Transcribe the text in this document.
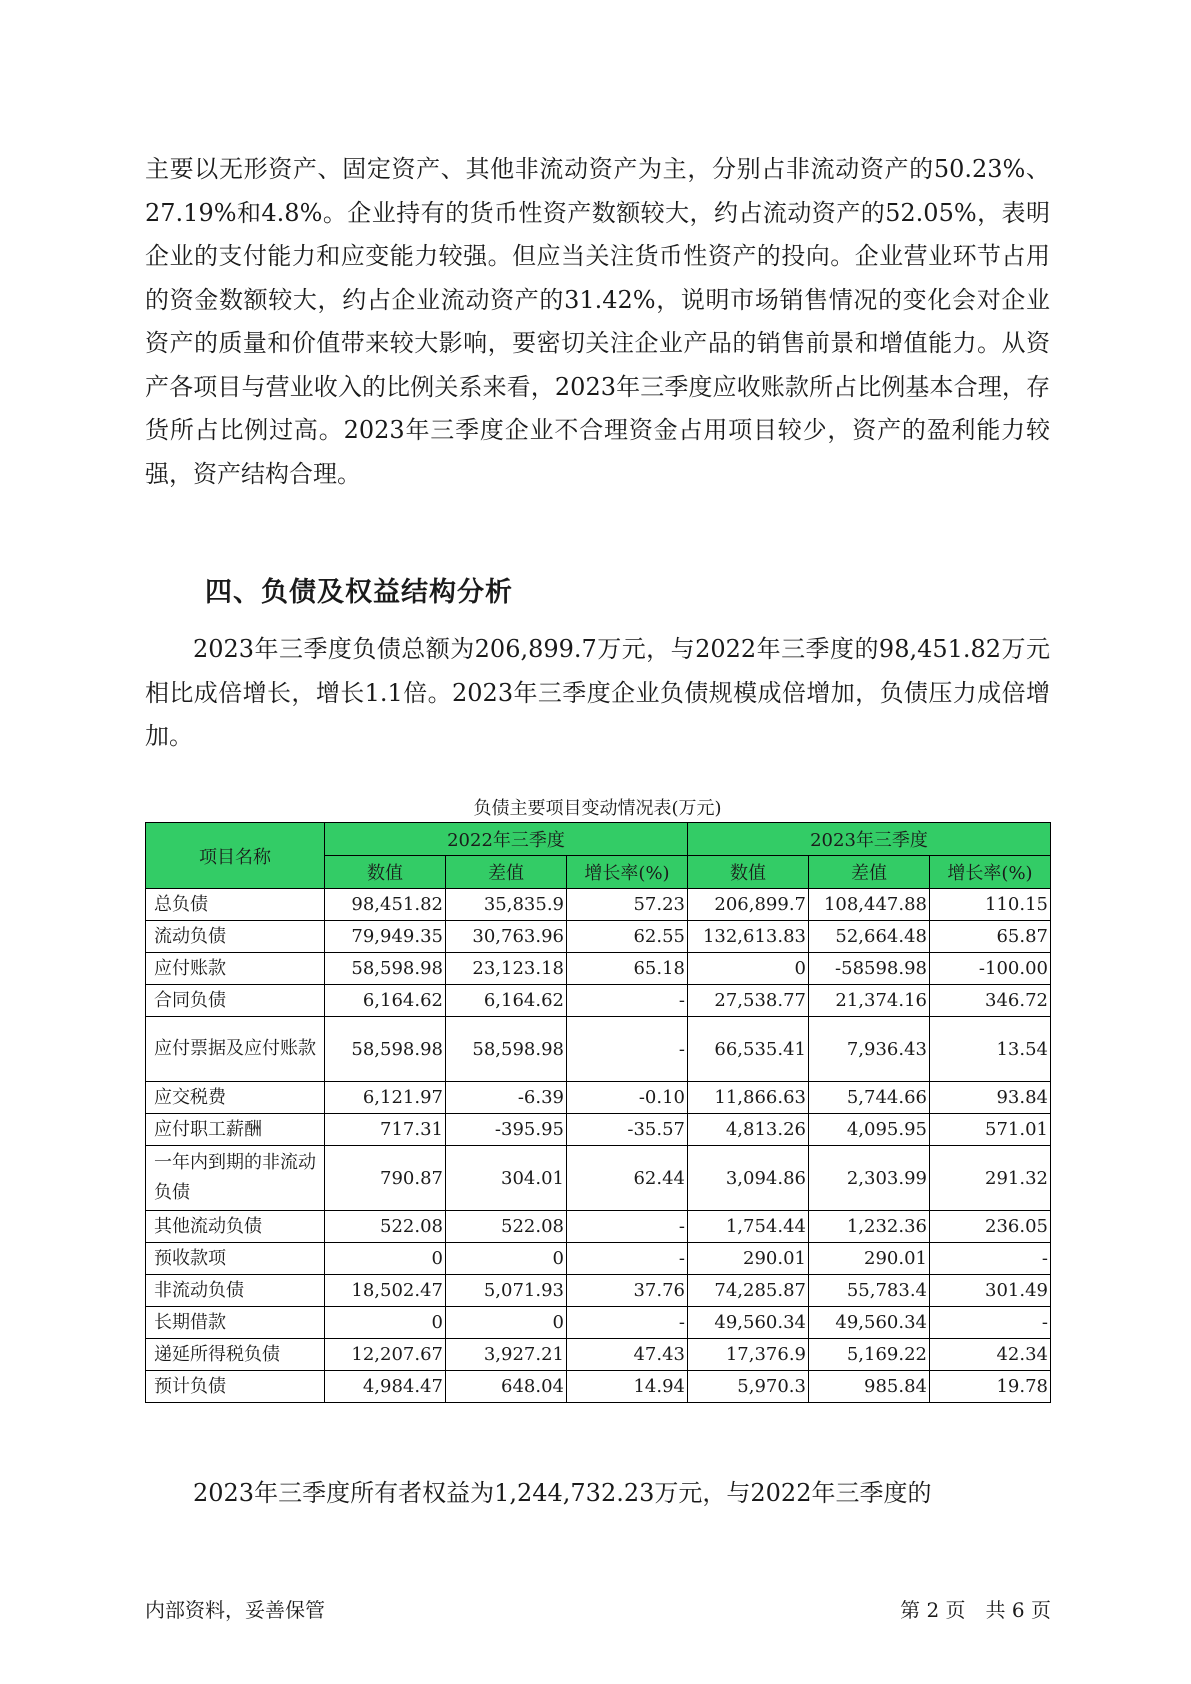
主要以无形资产、固定资产、其他非流动资产为主，分别占非流动资产的50.23%、27.19%和4.8%。企业持有的货币性资产数额较大，约占流动资产的52.05%，表明企业的支付能力和应变能力较强。但应当关注货币性资产的投向。企业营业环节占用的资金数额较大，约占企业流动资产的31.42%，说明市场销售情况的变化会对企业资产的质量和价值带来较大影响，要密切关注企业产品的销售前景和增值能力。从资产各项目与营业收入的比例关系来看，2023年三季度应收账款所占比例基本合理，存货所占比例过高。2023年三季度企业不合理资金占用项目较少，资产的盈利能力较强，资产结构合理。

四、负债及权益结构分析

2023年三季度负债总额为206,899.7万元，与2022年三季度的98,451.82万元相比成倍增长，增长1.1倍。2023年三季度企业负债规模成倍增加，负债压力成倍增加。

负债主要项目变动情况表(万元)

项目名称	2022年三季度			2023年三季度		
	数值	差值	增长率(%)	数值	差值	增长率(%)
总负债	98,451.82	35,835.9	57.23	206,899.7	108,447.88	110.15
流动负债	79,949.35	30,763.96	62.55	132,613.83	52,664.48	65.87
应付账款	58,598.98	23,123.18	65.18	0	-58598.98	-100.00
合同负债	6,164.62	6,164.62	-	27,538.77	21,374.16	346.72
应付票据及应付账款	58,598.98	58,598.98	-	66,535.41	7,936.43	13.54
应交税费	6,121.97	-6.39	-0.10	11,866.63	5,744.66	93.84
应付职工薪酬	717.31	-395.95	-35.57	4,813.26	4,095.95	571.01
一年内到期的非流动负债	790.87	304.01	62.44	3,094.86	2,303.99	291.32
其他流动负债	522.08	522.08	-	1,754.44	1,232.36	236.05
预收款项	0	0	-	290.01	290.01	-
非流动负债	18,502.47	5,071.93	37.76	74,285.87	55,783.4	301.49
长期借款	0	0	-	49,560.34	49,560.34	-
递延所得税负债	12,207.67	3,927.21	47.43	17,376.9	5,169.22	42.34
预计负债	4,984.47	648.04	14.94	5,970.3	985.84	19.78

2023年三季度所有者权益为1,244,732.23万元，与2022年三季度的

内部资料，妥善保管	第 2 页　共 6 页
